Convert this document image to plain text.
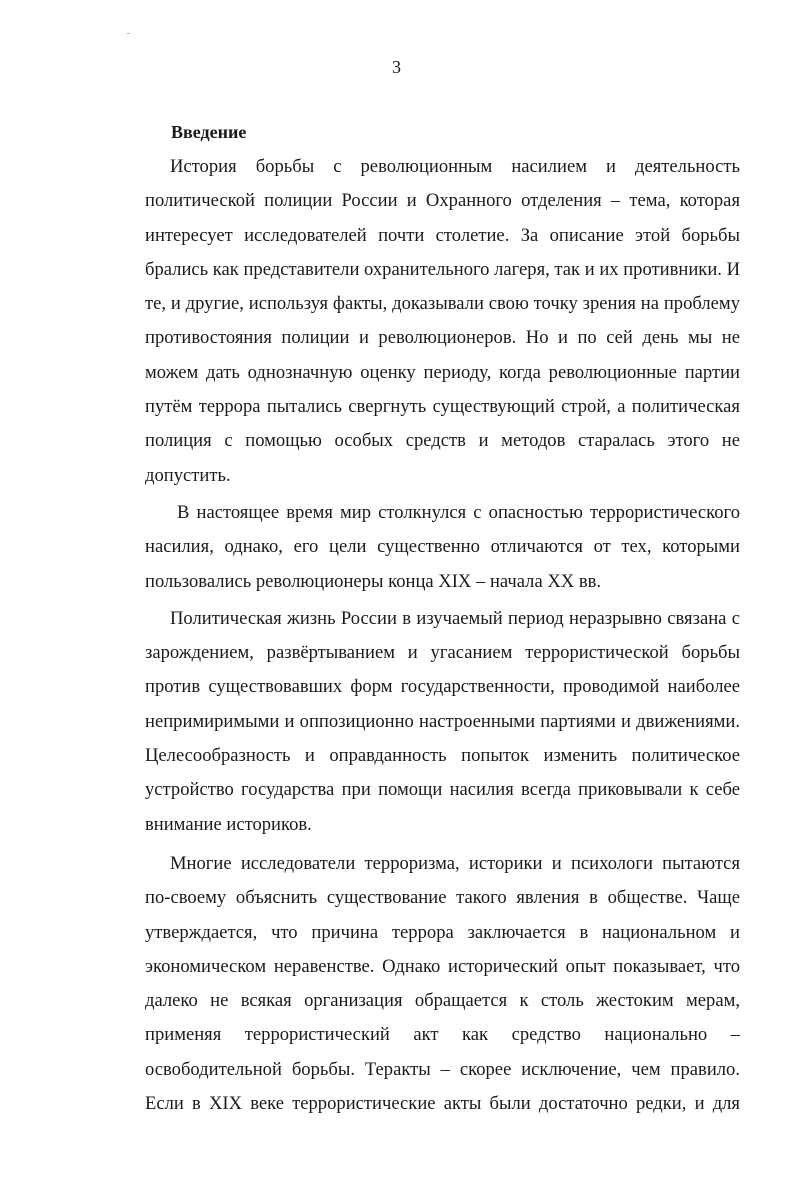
3
Введение

История борьбы с революционным насилием и деятельность
политической полиции России и Охранного отделения – тема, которая
интересует исследователей почти столетие. За описание этой борьбы
брались как представители охранительного лагеря, так и их противники. И
те, и другие, используя факты, доказывали свою точку зрения на проблему
противостояния полиции и революционеров. Но и по сей день мы не
можем дать однозначную оценку периоду, когда революционные партии
путём террора пытались свергнуть существующий строй, а политическая
полиция с помощью особых средств и методов старалась этого не
допустить.

В настоящее время мир столкнулся с опасностью террористического
насилия, однако, его цели существенно отличаются от тех, которыми
пользовались революционеры конца XIX – начала XX вв.

Политическая жизнь России в изучаемый период неразрывно связана с
зарождением, развёртыванием и угасанием террористической борьбы
против существовавших форм государственности, проводимой наиболее
непримиримыми и оппозиционно настроенными партиями и движениями.
Целесообразность и оправданность попыток изменить политическое
устройство государства при помощи насилия всегда приковывали к себе
внимание историков.

Многие исследователи терроризма, историки и психологи пытаются
по-своему объяснить существование такого явления в обществе. Чаще
утверждается, что причина террора заключается в национальном и
экономическом неравенстве. Однако исторический опыт показывает, что
далеко не всякая организация обращается к столь жестоким мерам,
применяя террористический акт как средство национально –
освободительной борьбы. Теракты – скорее исключение, чем правило.
Если в XIX веке террористические акты были достаточно редки, и для
